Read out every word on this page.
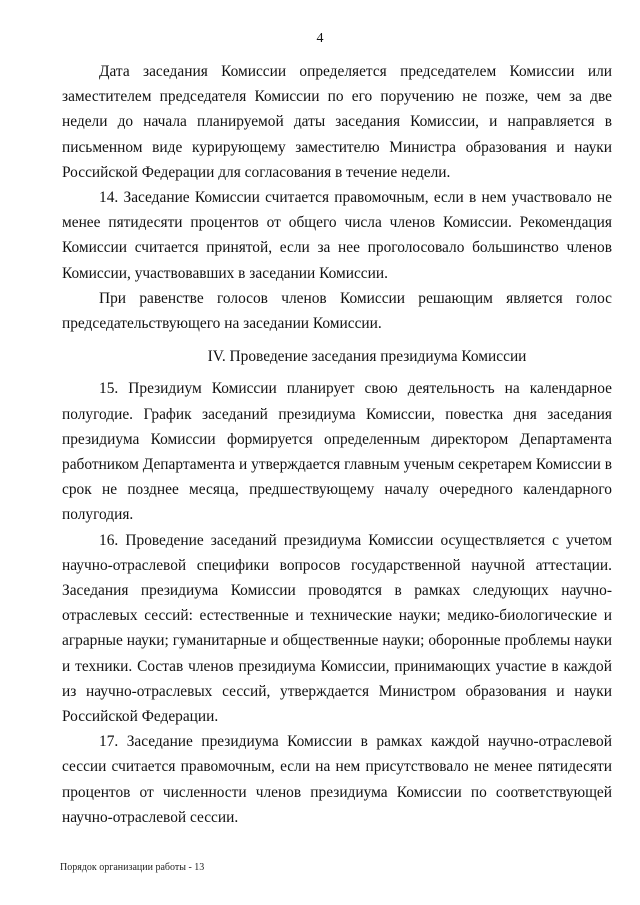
4

Дата заседания Комиссии определяется председателем Комиссии или заместителем председателя Комиссии по его поручению не позже, чем за две недели до начала планируемой даты заседания Комиссии, и направляется в письменном виде курирующему заместителю Министра образования и науки Российской Федерации для согласования в течение недели.

14. Заседание Комиссии считается правомочным, если в нем участвовало не менее пятидесяти процентов от общего числа членов Комиссии. Рекомендация Комиссии считается принятой, если за нее проголосовало большинство членов Комиссии, участвовавших в заседании Комиссии.

При равенстве голосов членов Комиссии решающим является голос председательствующего на заседании Комиссии.

IV. Проведение заседания президиума Комиссии

15. Президиум Комиссии планирует свою деятельность на календарное полугодие. График заседаний президиума Комиссии, повестка дня заседания президиума Комиссии формируется определенным директором Департамента работником Департамента и утверждается главным ученым секретарем Комиссии в срок не позднее месяца, предшествующему началу очередного календарного полугодия.

16. Проведение заседаний президиума Комиссии осуществляется с учетом научно-отраслевой специфики вопросов государственной научной аттестации. Заседания президиума Комиссии проводятся в рамках следующих научно-отраслевых сессий: естественные и технические науки; медико-биологические и аграрные науки; гуманитарные и общественные науки; оборонные проблемы науки и техники. Состав членов президиума Комиссии, принимающих участие в каждой из научно-отраслевых сессий, утверждается Министром образования и науки Российской Федерации.

17. Заседание президиума Комиссии в рамках каждой научно-отраслевой сессии считается правомочным, если на нем присутствовало не менее пятидесяти процентов от численности членов президиума Комиссии по соответствующей научно-отраслевой сессии.

Порядок организации работы - 13
